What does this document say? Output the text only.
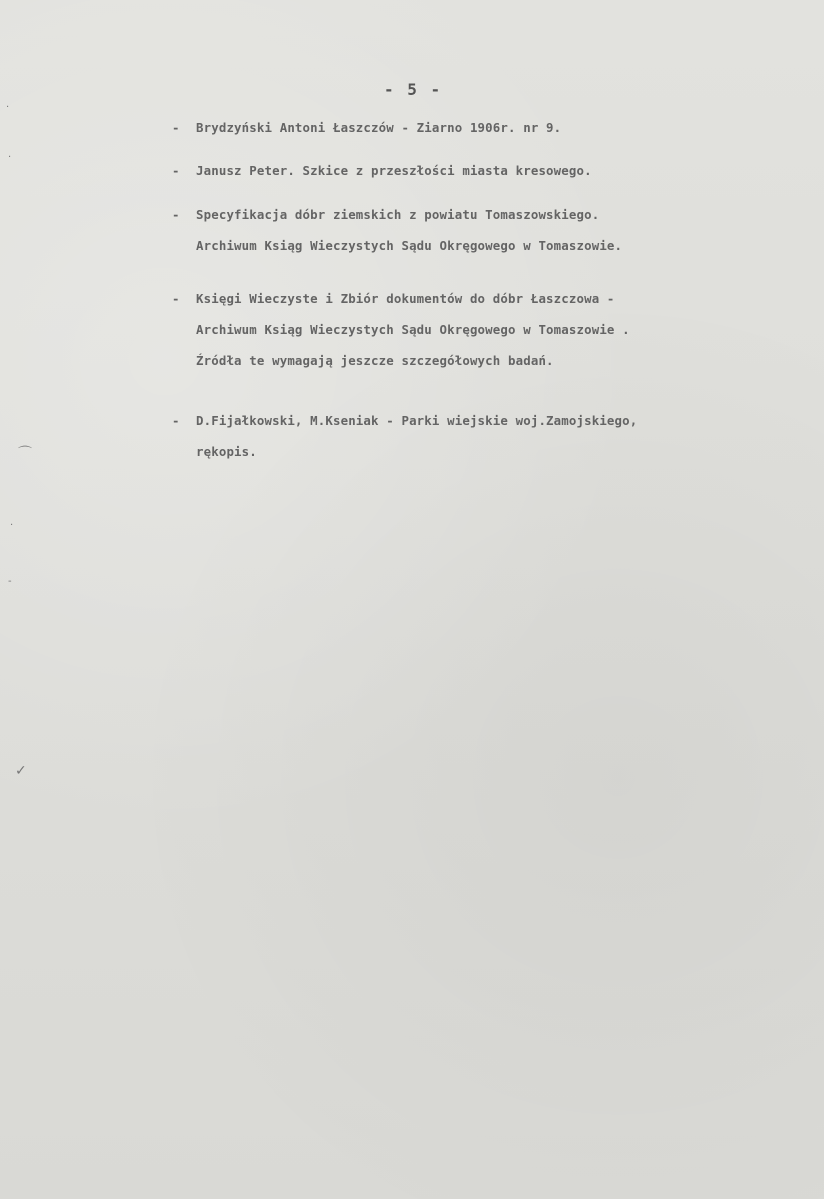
- 5 -
- Brydzyński Antoni Łaszczów - Ziarno 1906r. nr 9.
- Janusz Peter. Szkice z przeszłości miasta kresowego.
- Specyfikacja dóbr ziemskich z powiatu Tomaszowskiego.
Archiwum Ksiąg Wieczystych Sądu Okręgowego w Tomaszowie.
- Księgi Wieczyste i Zbiór dokumentów do dóbr Łaszczowa -
Archiwum Ksiąg Wieczystych Sądu Okręgowego w Tomaszowie .
Źródła te wymagają jeszcze szczegółowych badań.
- D.Fijałkowski, M.Kseniak - Parki wiejskie woj.Zamojskiego,
rękopis.
·
·
⌒
·
-
✓
